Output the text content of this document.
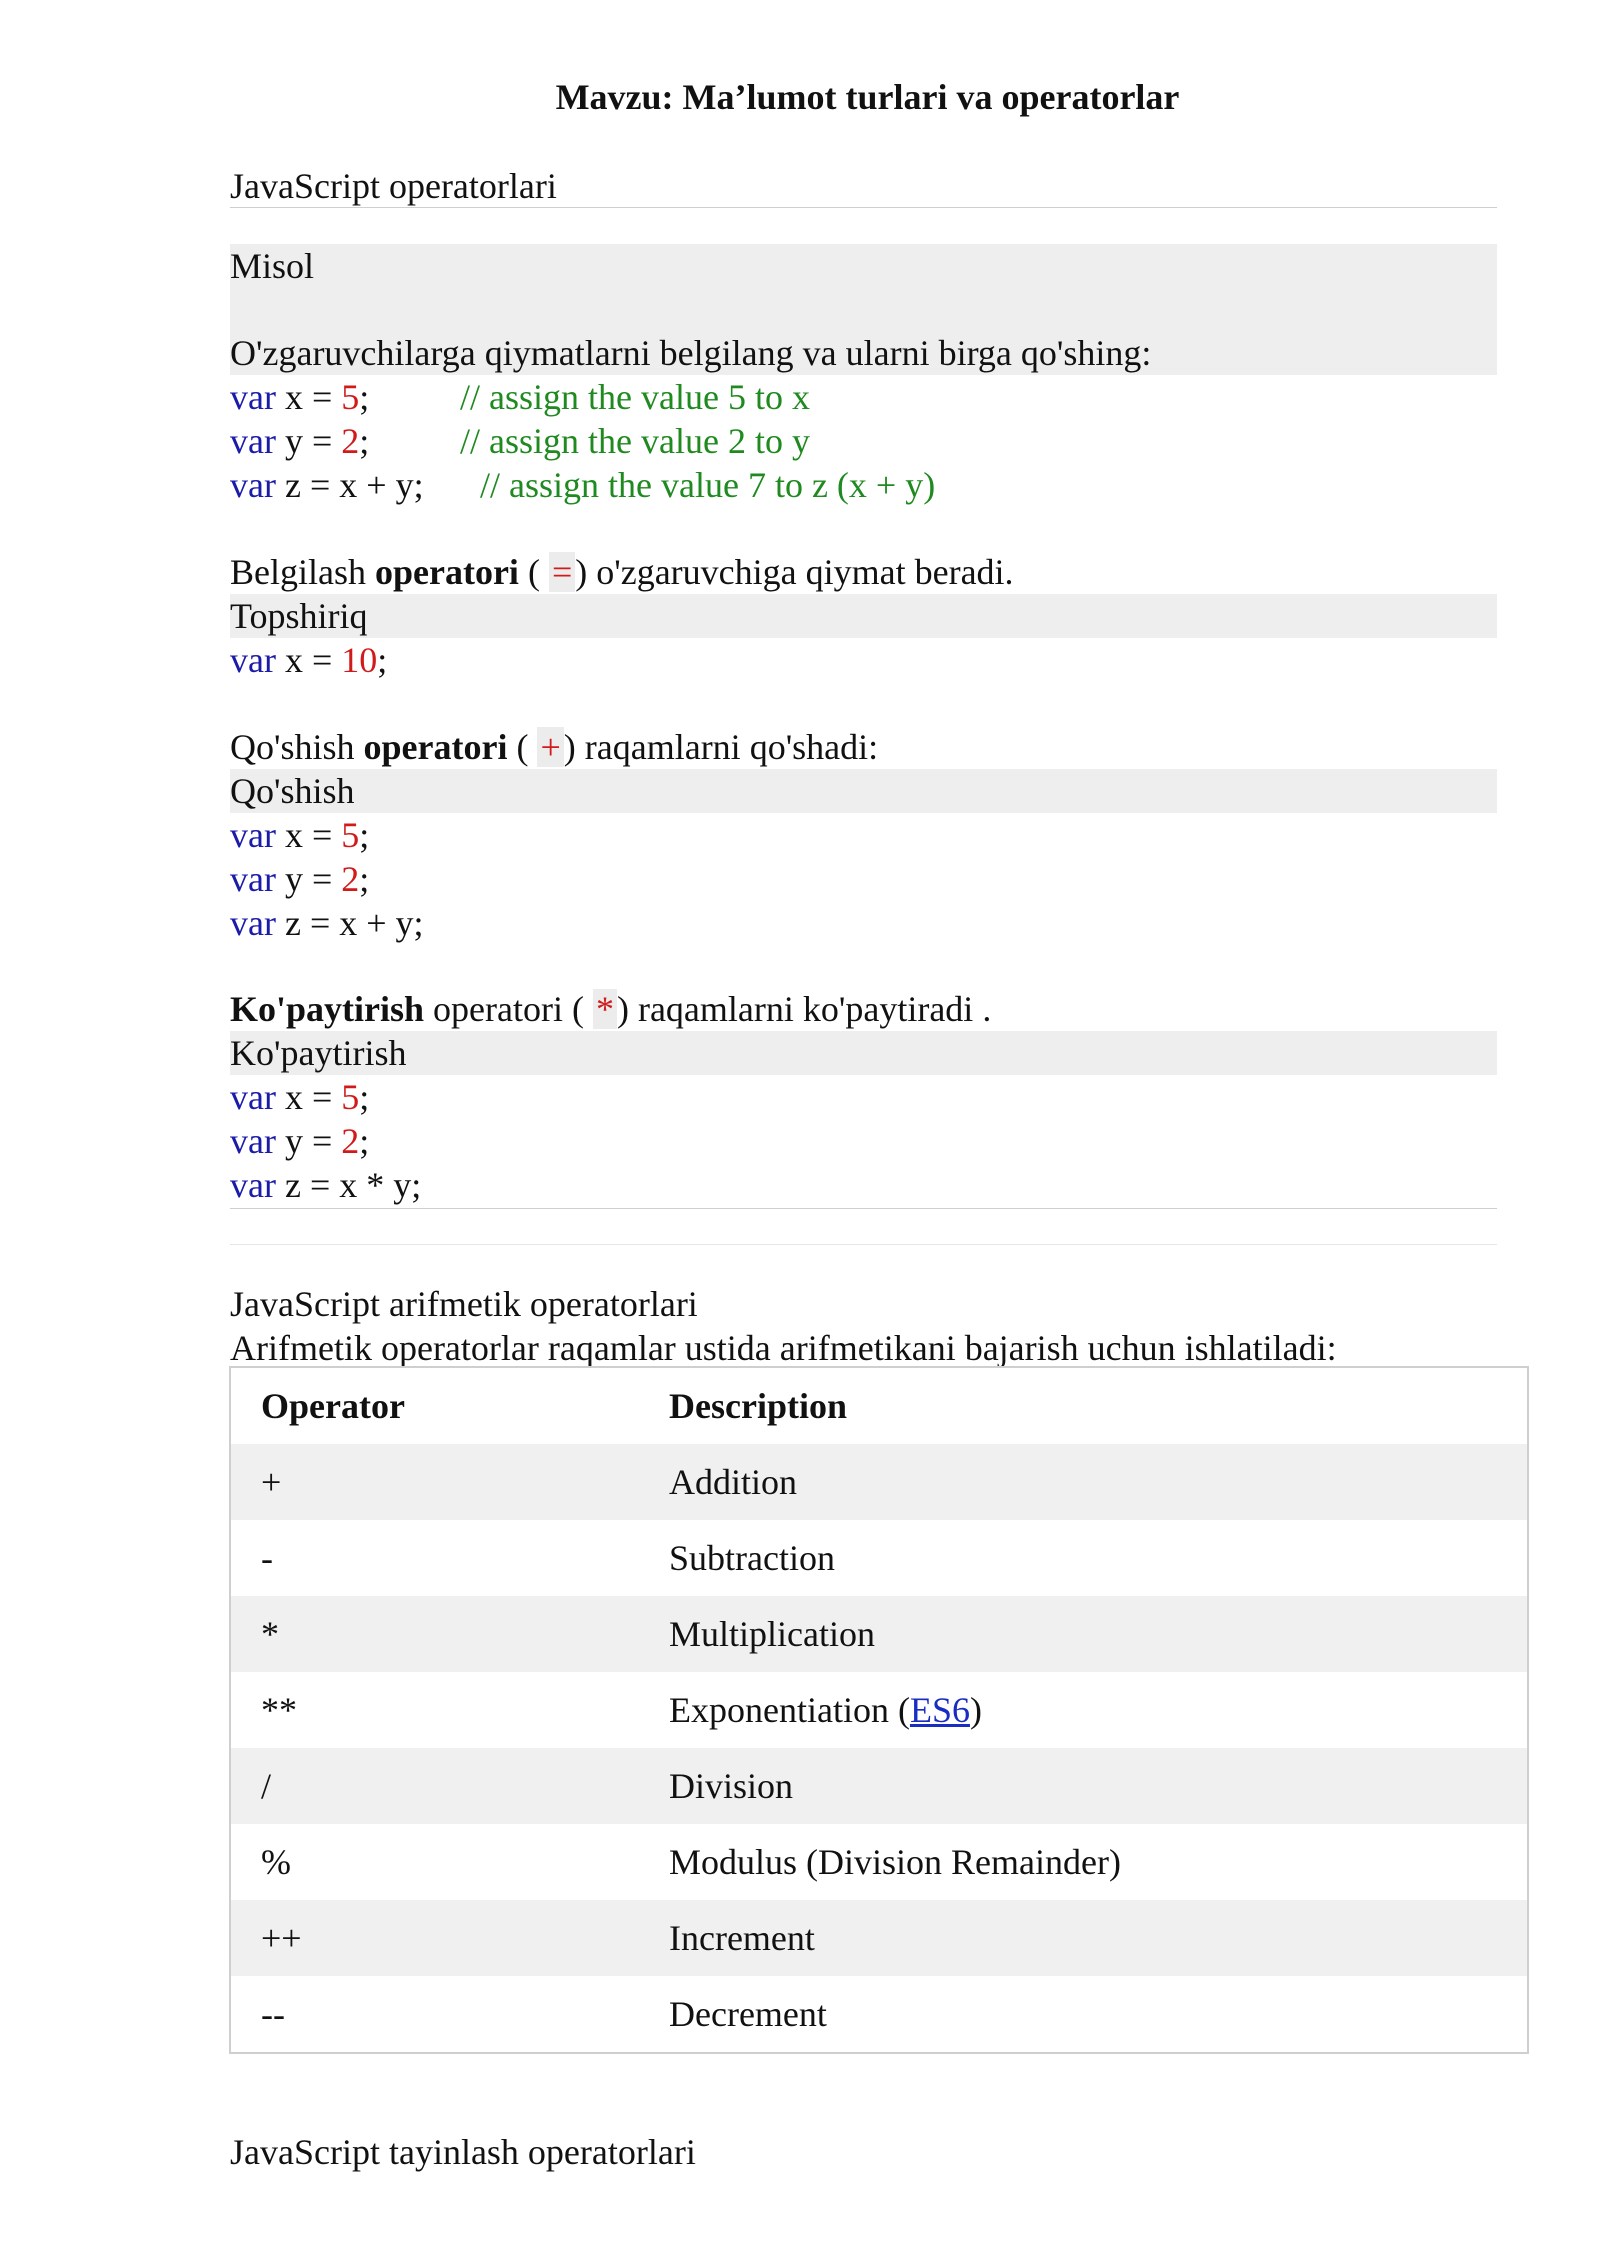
Mavzu: Ma’lumot turlari va operatorlar
JavaScript operatorlari
Misol
O'zgaruvchilarga qiymatlarni belgilang va ularni birga qo'shing:
var x = 5;	// assign the value 5 to x
var y = 2;	// assign the value 2 to y
var z = x + y; // assign the value 7 to z (x + y)
Belgilash operatori ( =) o'zgaruvchiga qiymat beradi.
Topshiriq
var x = 10;
Qo'shish operatori ( +) raqamlarni qo'shadi:
Qo'shish
var x = 5;
var y = 2;
var z = x + y;
Ko'paytirish operatori ( *) raqamlarni ko'paytiradi .
Ko'paytirish
var x = 5;
var y = 2;
var z = x * y;
JavaScript arifmetik operatorlari
Arifmetik operatorlar raqamlar ustida arifmetikani bajarish uchun ishlatiladi:
Operator	Description
+	Addition
-	Subtraction
*	Multiplication
**	Exponentiation (ES6)
/	Division
%	Modulus (Division Remainder)
++	Increment
--	Decrement
JavaScript tayinlash operatorlari
